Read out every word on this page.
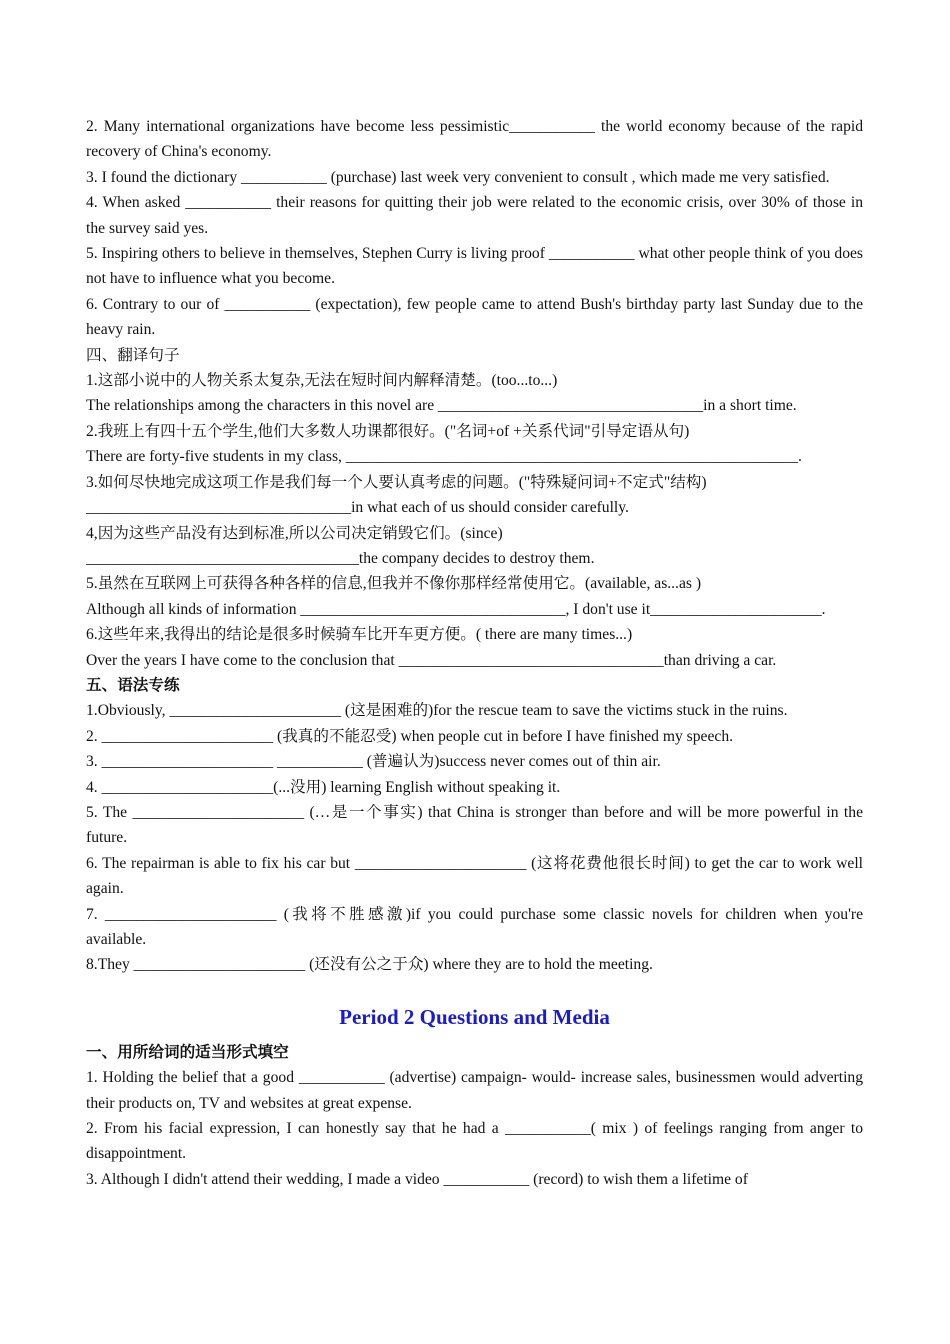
2. Many international organizations have become less pessimistic___________ the world economy because of the rapid recovery of China's economy.

3. I found the dictionary ___________ (purchase) last week very convenient to consult , which made me very satisfied.

4. When asked ___________ their reasons for quitting their job were related to the economic crisis, over 30% of those in the survey said yes.

5. Inspiring others to believe in themselves, Stephen Curry is living proof ___________ what other people think of you does not have to influence what you become.

6. Contrary to our of ___________ (expectation), few people came to attend Bush's birthday party last Sunday due to the heavy rain.

四、翻译句子

1.这部小说中的人物关系太复杂,无法在短时间内解释清楚。(too...to...)

The relationships among the characters in this novel are __________________________________in a short time.

2.我班上有四十五个学生,他们大多数人功课都很好。("名词+of +关系代词"引导定语从句)

There are forty-five students in my class, __________________________________________________________.

3.如何尽快地完成这项工作是我们每一个人要认真考虑的问题。("特殊疑问词+不定式"结构)

__________________________________in what each of us should consider carefully.

4,因为这些产品没有达到标准,所以公司决定销毁它们。(since)

___________________________________the company decides to destroy them.

5.虽然在互联网上可获得各种各样的信息,但我并不像你那样经常使用它。(available, as...as )

Although all kinds of information __________________________________, I don't use it______________________.

6.这些年来,我得出的结论是很多时候骑车比开车更方便。( there are many times...)

Over the years I have come to the conclusion that __________________________________than driving a car.

五、语法专练

1.Obviously, ______________________ (这是困难的)for the rescue team to save the victims stuck in the ruins.

2. ______________________ (我真的不能忍受) when people cut in before I have finished my speech.

3. ______________________ ___________ (普遍认为)success never comes out of thin air.

4. ______________________(...没用) learning English without speaking it.

5. The ______________________ (…是一个事实) that China is stronger than before and will be more powerful in the future.

6. The repairman is able to fix his car but ______________________ (这将花费他很长时间) to get the car to work well again.

7. ______________________ (我将不胜感激)if you could purchase some classic novels for children when you're available.

8.They ______________________ (还没有公之于众) where they are to hold the meeting.

Period 2 Questions and Media

一、用所给词的适当形式填空

1. Holding the belief that a good ___________ (advertise) campaign- would- increase sales, businessmen would adverting their products on, TV and websites at great expense.

2. From his facial expression, I can honestly say that he had a ___________( mix ) of feelings ranging from anger to disappointment.

3. Although I didn't attend their wedding, I made a video ___________ (record) to wish them a lifetime of
